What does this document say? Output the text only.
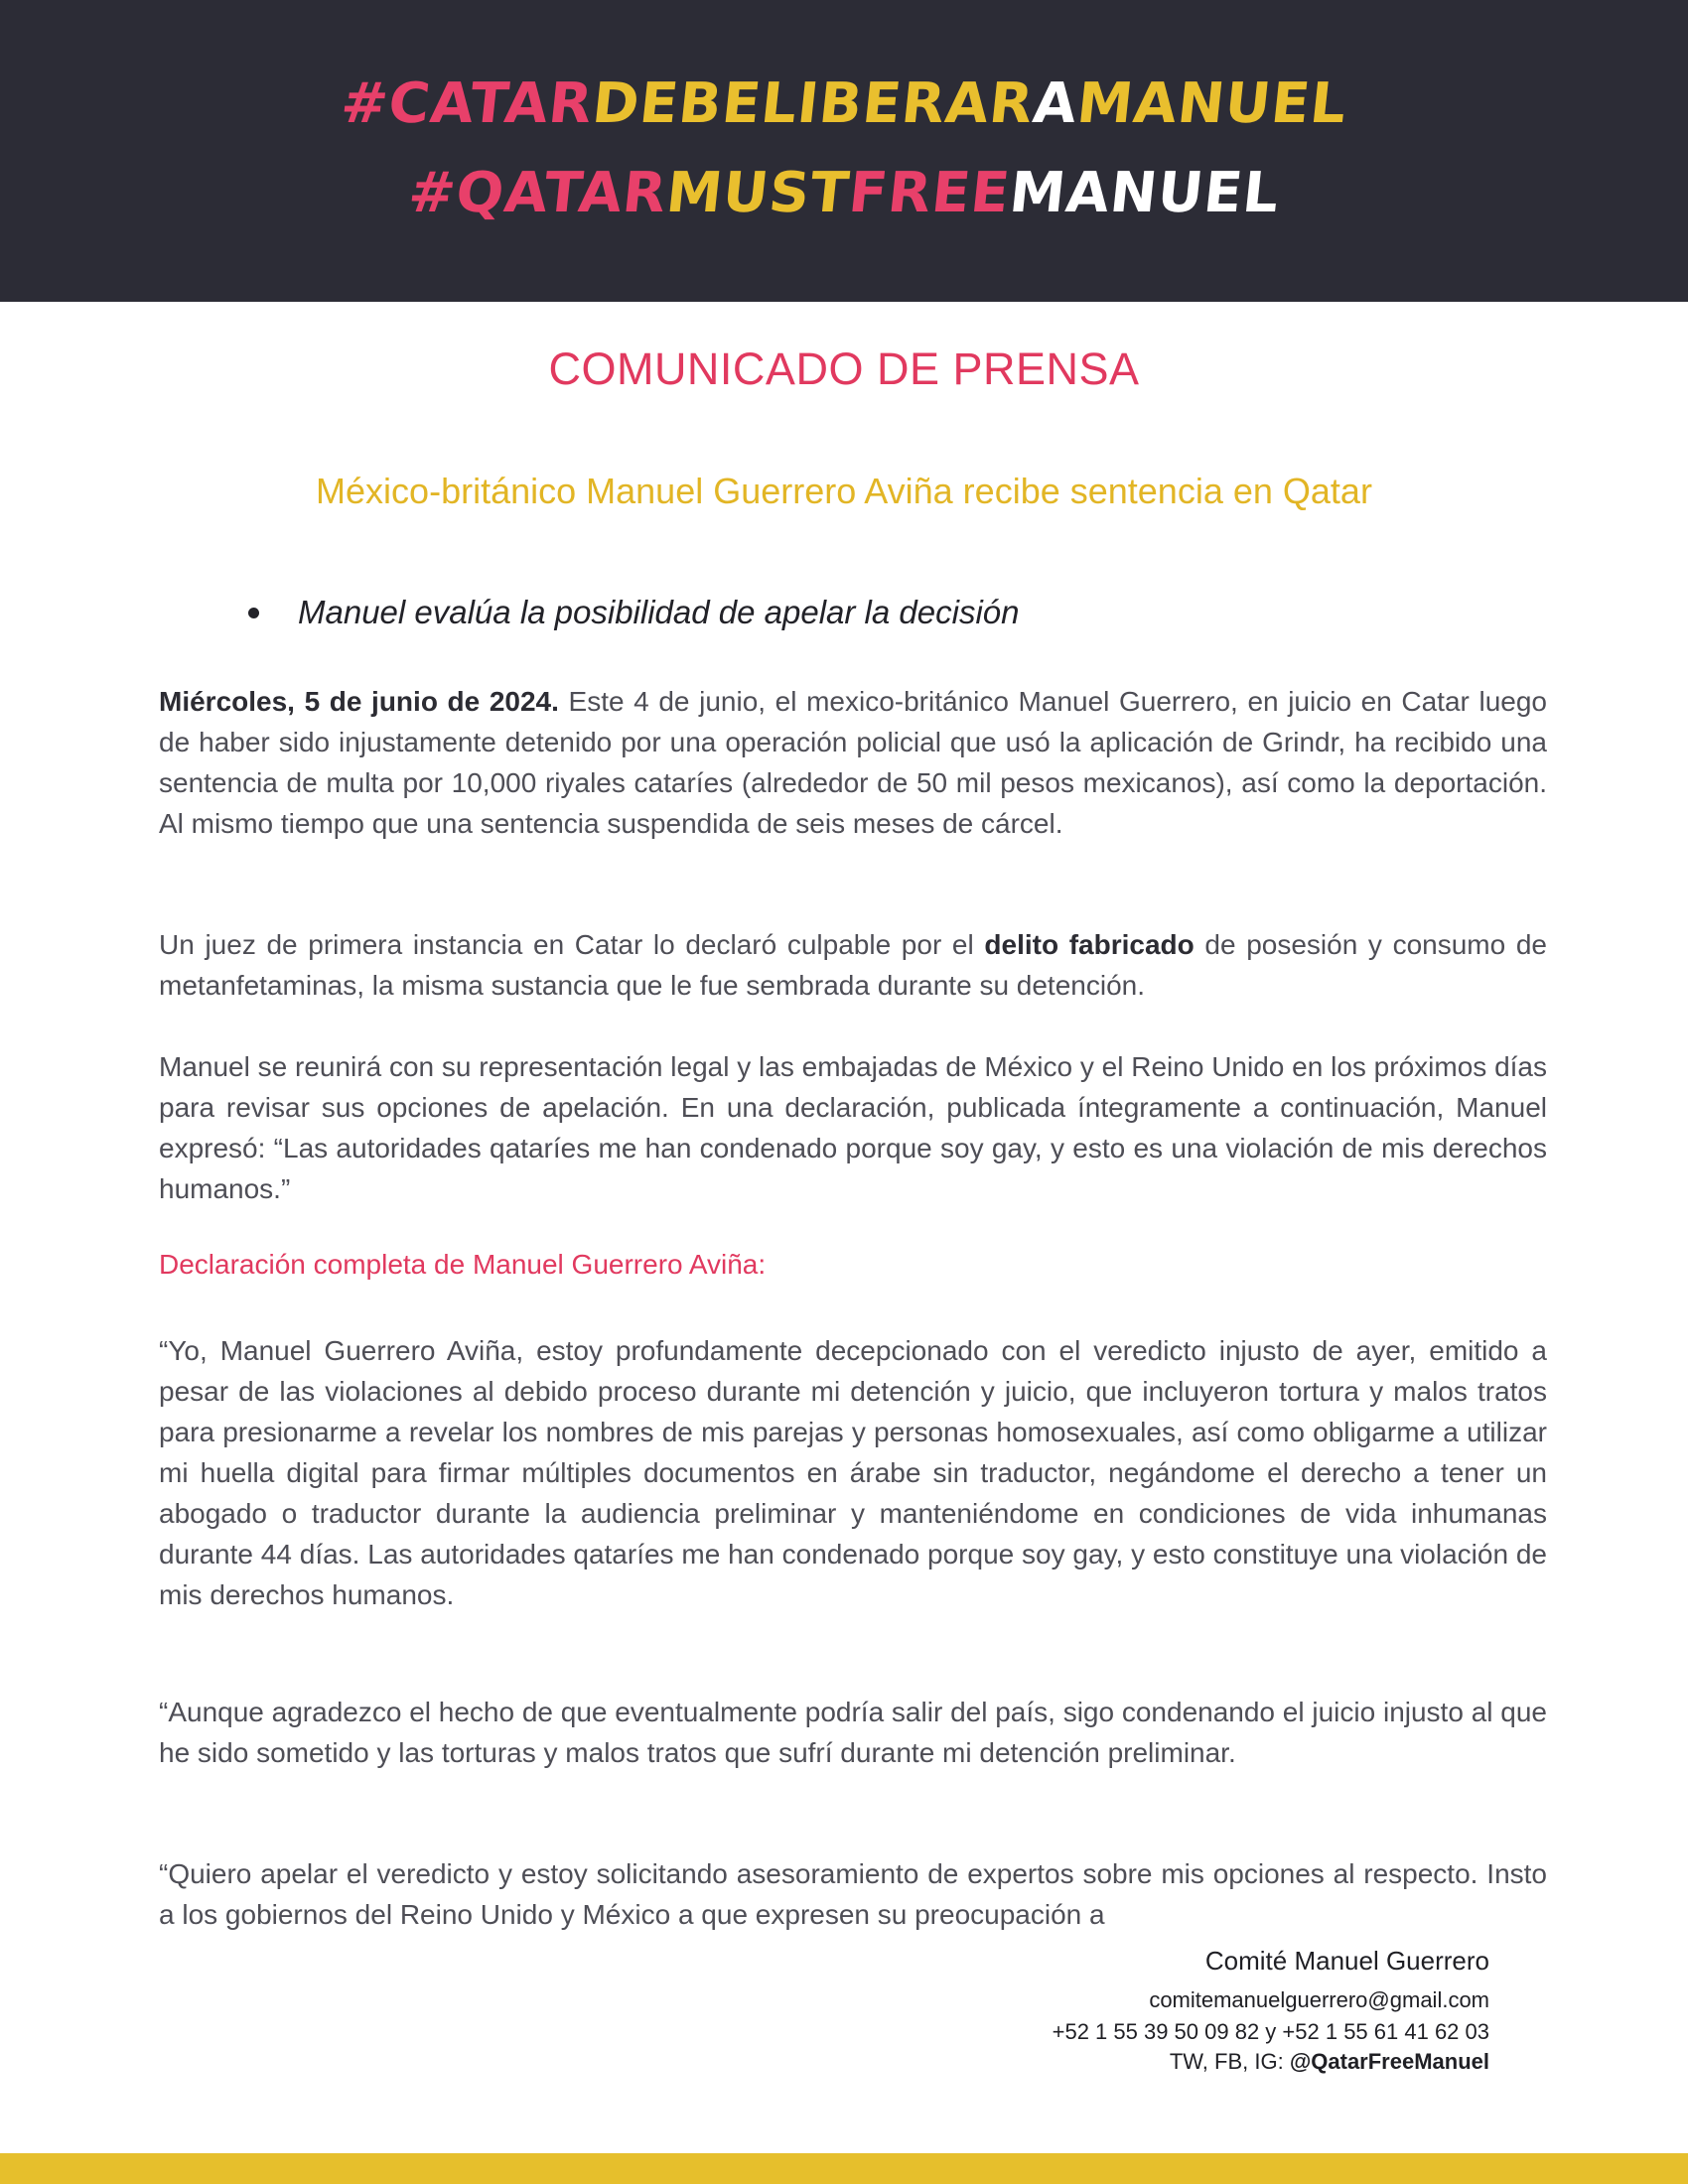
#CATARDEBELIBERARAMANUEL
#QATARMUSTFREEMANUEL
COMUNICADO DE PRENSA
México-británico Manuel Guerrero Aviña recibe sentencia en Qatar
Manuel evalúa la posibilidad de apelar la decisión
Miércoles, 5 de junio de 2024. Este 4 de junio, el mexico-británico Manuel Guerrero, en juicio en Catar luego de haber sido injustamente detenido por una operación policial que usó la aplicación de Grindr, ha recibido una sentencia de multa por 10,000 riyales cataríes (alrededor de 50 mil pesos mexicanos), así como la deportación. Al mismo tiempo que una sentencia suspendida de seis meses de cárcel.
Un juez de primera instancia en Catar lo declaró culpable por el delito fabricado de posesión y consumo de metanfetaminas, la misma sustancia que le fue sembrada durante su detención.
Manuel se reunirá con su representación legal y las embajadas de México y el Reino Unido en los próximos días para revisar sus opciones de apelación. En una declaración, publicada íntegramente a continuación, Manuel expresó: “Las autoridades qataríes me han condenado porque soy gay, y esto es una violación de mis derechos humanos.”
Declaración completa de Manuel Guerrero Aviña:
“Yo, Manuel Guerrero Aviña, estoy profundamente decepcionado con el veredicto injusto de ayer, emitido a pesar de las violaciones al debido proceso durante mi detención y juicio, que incluyeron tortura y malos tratos para presionarme a revelar los nombres de mis parejas y personas homosexuales, así como obligarme a utilizar mi huella digital para firmar múltiples documentos en árabe sin traductor, negándome el derecho a tener un abogado o traductor durante la audiencia preliminar y manteniéndome en condiciones de vida inhumanas durante 44 días. Las autoridades qataríes me han condenado porque soy gay, y esto constituye una violación de mis derechos humanos.
“Aunque agradezco el hecho de que eventualmente podría salir del país, sigo condenando el juicio injusto al que he sido sometido y las torturas y malos tratos que sufrí durante mi detención preliminar.
“Quiero apelar el veredicto y estoy solicitando asesoramiento de expertos sobre mis opciones al respecto. Insto a los gobiernos del Reino Unido y México a que expresen su preocupación a
Comité Manuel Guerrero
comitemanuelguerrero@gmail.com
+52 1 55 39 50 09 82 y +52 1 55 61 41 62 03
TW, FB, IG: @QatarFreeManuel
